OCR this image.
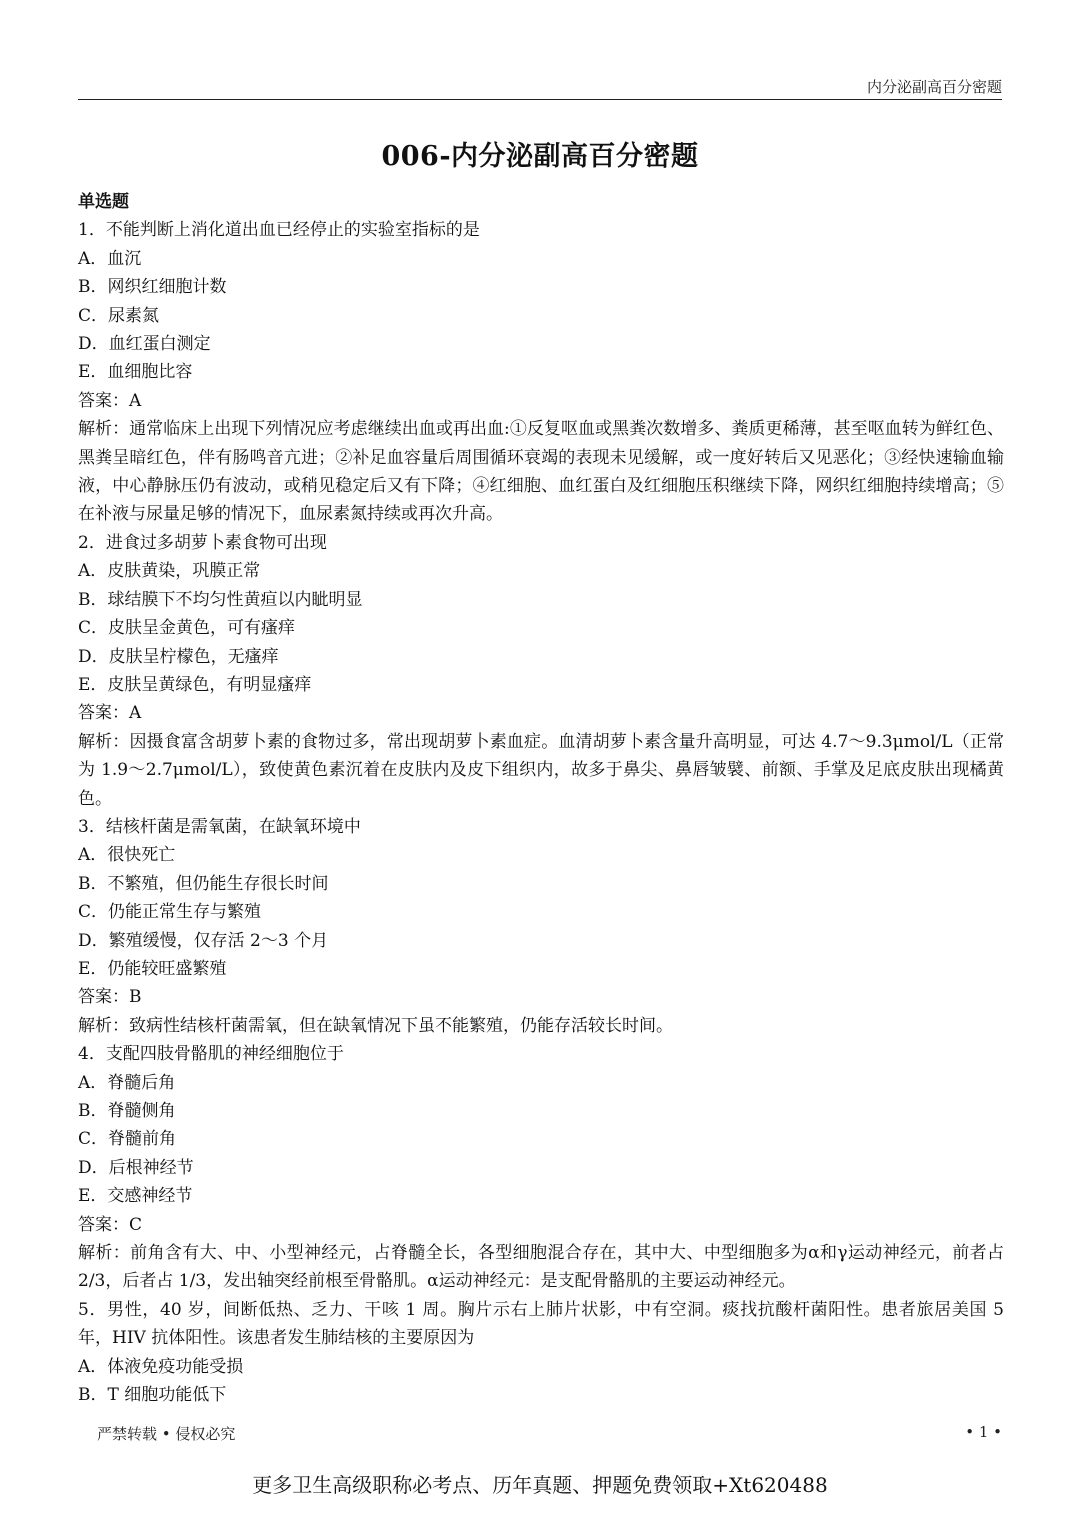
内分泌副高百分密题
006-内分泌副高百分密题
单选题
1．不能判断上消化道出血已经停止的实验室指标的是
A．血沉
B．网织红细胞计数
C．尿素氮
D．血红蛋白测定
E．血细胞比容
答案：A
解析：通常临床上出现下列情况应考虑继续出血或再出血:①反复呕血或黑粪次数增多、粪质更稀薄，甚至呕血转为鲜红色、黑粪呈暗红色，伴有肠鸣音亢进；②补足血容量后周围循环衰竭的表现未见缓解，或一度好转后又见恶化；③经快速输血输液，中心静脉压仍有波动，或稍见稳定后又有下降；④红细胞、血红蛋白及红细胞压积继续下降，网织红细胞持续增高；⑤在补液与尿量足够的情况下，血尿素氮持续或再次升高。
2．进食过多胡萝卜素食物可出现
A．皮肤黄染，巩膜正常
B．球结膜下不均匀性黄疸以内眦明显
C．皮肤呈金黄色，可有瘙痒
D．皮肤呈柠檬色，无瘙痒
E．皮肤呈黄绿色，有明显瘙痒
答案：A
解析：因摄食富含胡萝卜素的食物过多，常出现胡萝卜素血症。血清胡萝卜素含量升高明显，可达 4.7～9.3μmol/L（正常为 1.9～2.7μmol/L），致使黄色素沉着在皮肤内及皮下组织内，故多于鼻尖、鼻唇皱襞、前额、手掌及足底皮肤出现橘黄色。
3．结核杆菌是需氧菌，在缺氧环境中
A．很快死亡
B．不繁殖，但仍能生存很长时间
C．仍能正常生存与繁殖
D．繁殖缓慢，仅存活 2～3 个月
E．仍能较旺盛繁殖
答案：B
解析：致病性结核杆菌需氧，但在缺氧情况下虽不能繁殖，仍能存活较长时间。
4．支配四肢骨骼肌的神经细胞位于
A．脊髓后角
B．脊髓侧角
C．脊髓前角
D．后根神经节
E．交感神经节
答案：C
解析：前角含有大、中、小型神经元，占脊髓全长，各型细胞混合存在，其中大、中型细胞多为α和γ运动神经元，前者占 2/3，后者占 1/3，发出轴突经前根至骨骼肌。α运动神经元：是支配骨骼肌的主要运动神经元。
5．男性，40 岁，间断低热、乏力、干咳 1 周。胸片示右上肺片状影，中有空洞。痰找抗酸杆菌阳性。患者旅居美国 5 年，HIV 抗体阳性。该患者发生肺结核的主要原因为
A．体液免疫功能受损
B．T 细胞功能低下
严禁转载 • 侵权必究	• 1 •
更多卫生高级职称必考点、历年真题、押题免费领取+Xt620488
